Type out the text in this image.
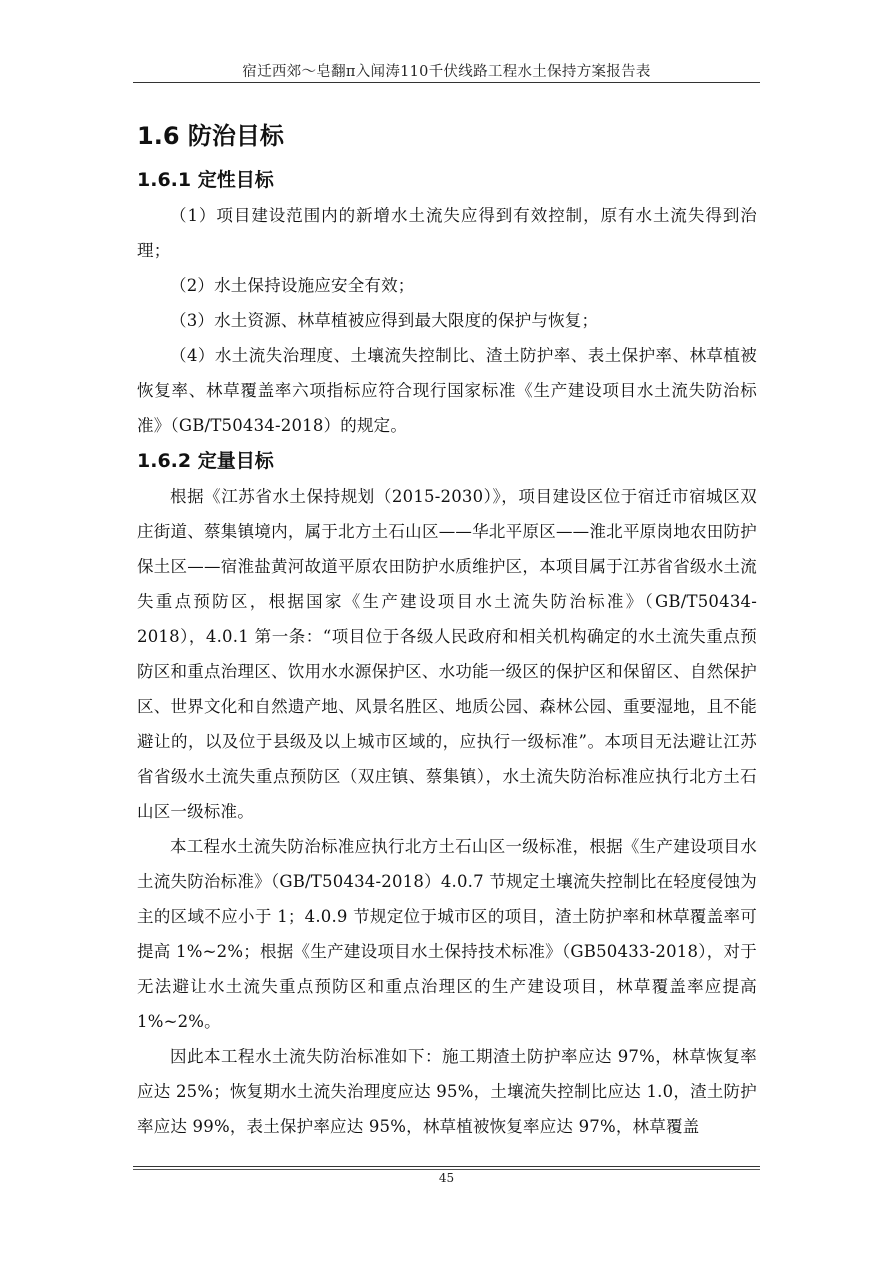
宿迁西郊～皂翻π入闻涛110千伏线路工程水土保持方案报告表
1.6 防治目标
1.6.1 定性目标

（1）项目建设范围内的新增水土流失应得到有效控制，原有水土流失得到治理；

（2）水土保持设施应安全有效；

（3）水土资源、林草植被应得到最大限度的保护与恢复；

（4）水土流失治理度、土壤流失控制比、渣土防护率、表土保护率、林草植被恢复率、林草覆盖率六项指标应符合现行国家标准《生产建设项目水土流失防治标准》（GB/T50434-2018）的规定。

1.6.2 定量目标

根据《江苏省水土保持规划（2015-2030）》，项目建设区位于宿迁市宿城区双庄街道、蔡集镇境内，属于北方土石山区——华北平原区——淮北平原岗地农田防护保土区——宿淮盐黄河故道平原农田防护水质维护区，本项目属于江苏省省级水土流失重点预防区，根据国家《生产建设项目水土流失防治标准》（GB/T50434-2018），4.0.1 第一条：“项目位于各级人民政府和相关机构确定的水土流失重点预防区和重点治理区、饮用水水源保护区、水功能一级区的保护区和保留区、自然保护区、世界文化和自然遗产地、风景名胜区、地质公园、森林公园、重要湿地，且不能避让的，以及位于县级及以上城市区域的，应执行一级标准”。本项目无法避让江苏省省级水土流失重点预防区（双庄镇、蔡集镇），水土流失防治标准应执行北方土石山区一级标准。

本工程水土流失防治标准应执行北方土石山区一级标准，根据《生产建设项目水土流失防治标准》（GB/T50434-2018）4.0.7 节规定土壤流失控制比在轻度侵蚀为主的区域不应小于 1；4.0.9 节规定位于城市区的项目，渣土防护率和林草覆盖率可提高 1%~2%；根据《生产建设项目水土保持技术标准》（GB50433-2018），对于无法避让水土流失重点预防区和重点治理区的生产建设项目，林草覆盖率应提高 1%~2%。

因此本工程水土流失防治标准如下：施工期渣土防护率应达 97%，林草恢复率应达 25%；恢复期水土流失治理度应达 95%，土壤流失控制比应达 1.0，渣土防护率应达 99%，表土保护率应达 95%，林草植被恢复率应达 97%，林草覆盖

45
